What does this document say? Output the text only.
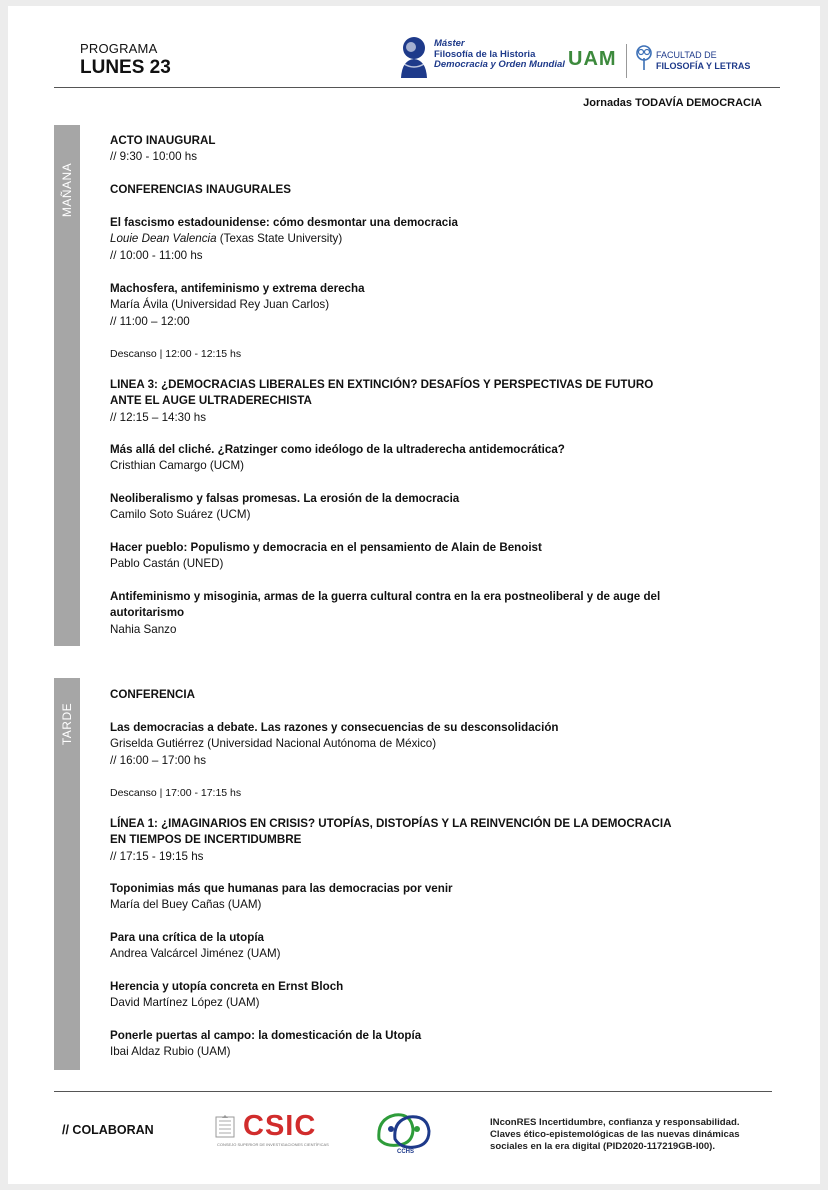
PROGRAMA
LUNES 23
Máster
Filosofía de la Historia
Democracia y Orden Mundial UAM	FACULTAD DE
FILOSOFÍA Y LETRAS
Jornadas TODAVÍA DEMOCRACIA
MAÑANA
ACTO INAUGURAL
// 9:30 - 10:00 hs
CONFERENCIAS INAUGURALES
El fascismo estadounidense: cómo desmontar una democracia
Louie Dean Valencia (Texas State University)
// 10:00 - 11:00 hs
Machosfera, antifeminismo y extrema derecha
María Ávila (Universidad Rey Juan Carlos)
// 11:00 – 12:00
Descanso | 12:00 - 12:15 hs
LINEA 3: ¿DEMOCRACIAS LIBERALES EN EXTINCIÓN? DESAFÍOS Y PERSPECTIVAS DE FUTURO
ANTE EL AUGE ULTRADERECHISTA
// 12:15 – 14:30 hs
Más allá del cliché. ¿Ratzinger como ideólogo de la ultraderecha antidemocrática?
Cristhian Camargo (UCM)
Neoliberalismo y falsas promesas. La erosión de la democracia
Camilo Soto Suárez (UCM)
Hacer pueblo: Populismo y democracia en el pensamiento de Alain de Benoist
Pablo Castán (UNED)
Antifeminismo y misoginia, armas de la guerra cultural contra en la era postneoliberal y de auge del
autoritarismo
Nahia Sanzo
TARDE
CONFERENCIA
Las democracias a debate. Las razones y consecuencias de su desconsolidación
Griselda Gutiérrez (Universidad Nacional Autónoma de México)
// 16:00 – 17:00 hs
Descanso | 17:00 - 17:15 hs
LÍNEA 1: ¿IMAGINARIOS EN CRISIS? UTOPÍAS, DISTOPÍAS Y LA REINVENCIÓN DE LA DEMOCRACIA
EN TIEMPOS DE INCERTIDUMBRE
// 17:15 - 19:15 hs
Toponimias más que humanas para las democracias por venir
María del Buey Cañas (UAM)
Para una crítica de la utopía
Andrea Valcárcel Jiménez (UAM)
Herencia y utopía concreta en Ernst Bloch
David Martínez López (UAM)
Ponerle puertas al campo: la domesticación de la Utopía
Ibai Aldaz Rubio (UAM)
// COLABORAN	CSIC
CONSEJO SUPERIOR DE INVESTIGACIONES CIENTÍFICAS
CCHS
INconRES Incertidumbre, confianza y responsabilidad.
Claves ético-epistemológicas de las nuevas dinámicas
sociales en la era digital (PID2020-117219GB-I00).
